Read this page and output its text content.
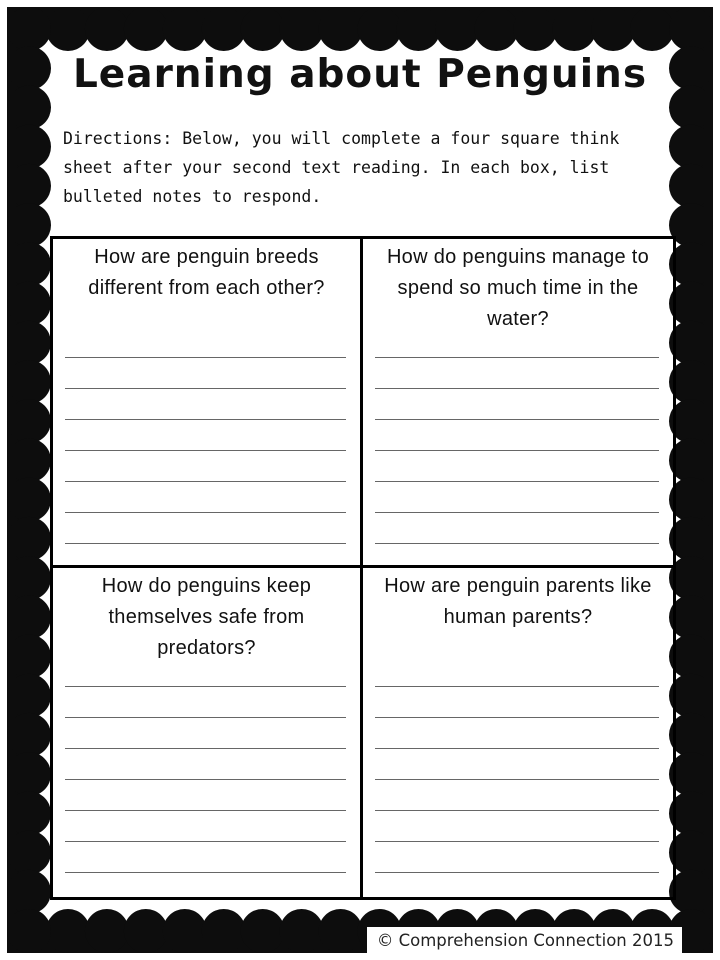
Learning about Penguins

Directions: Below, you will complete a four square think sheet after your second text reading. In each box, list bulleted notes to respond.

How are penguin breeds different from each other?

How do penguins manage to spend so much time in the water?

How do penguins keep themselves safe from predators?

How are penguin parents like human parents?

© Comprehension Connection 2015
